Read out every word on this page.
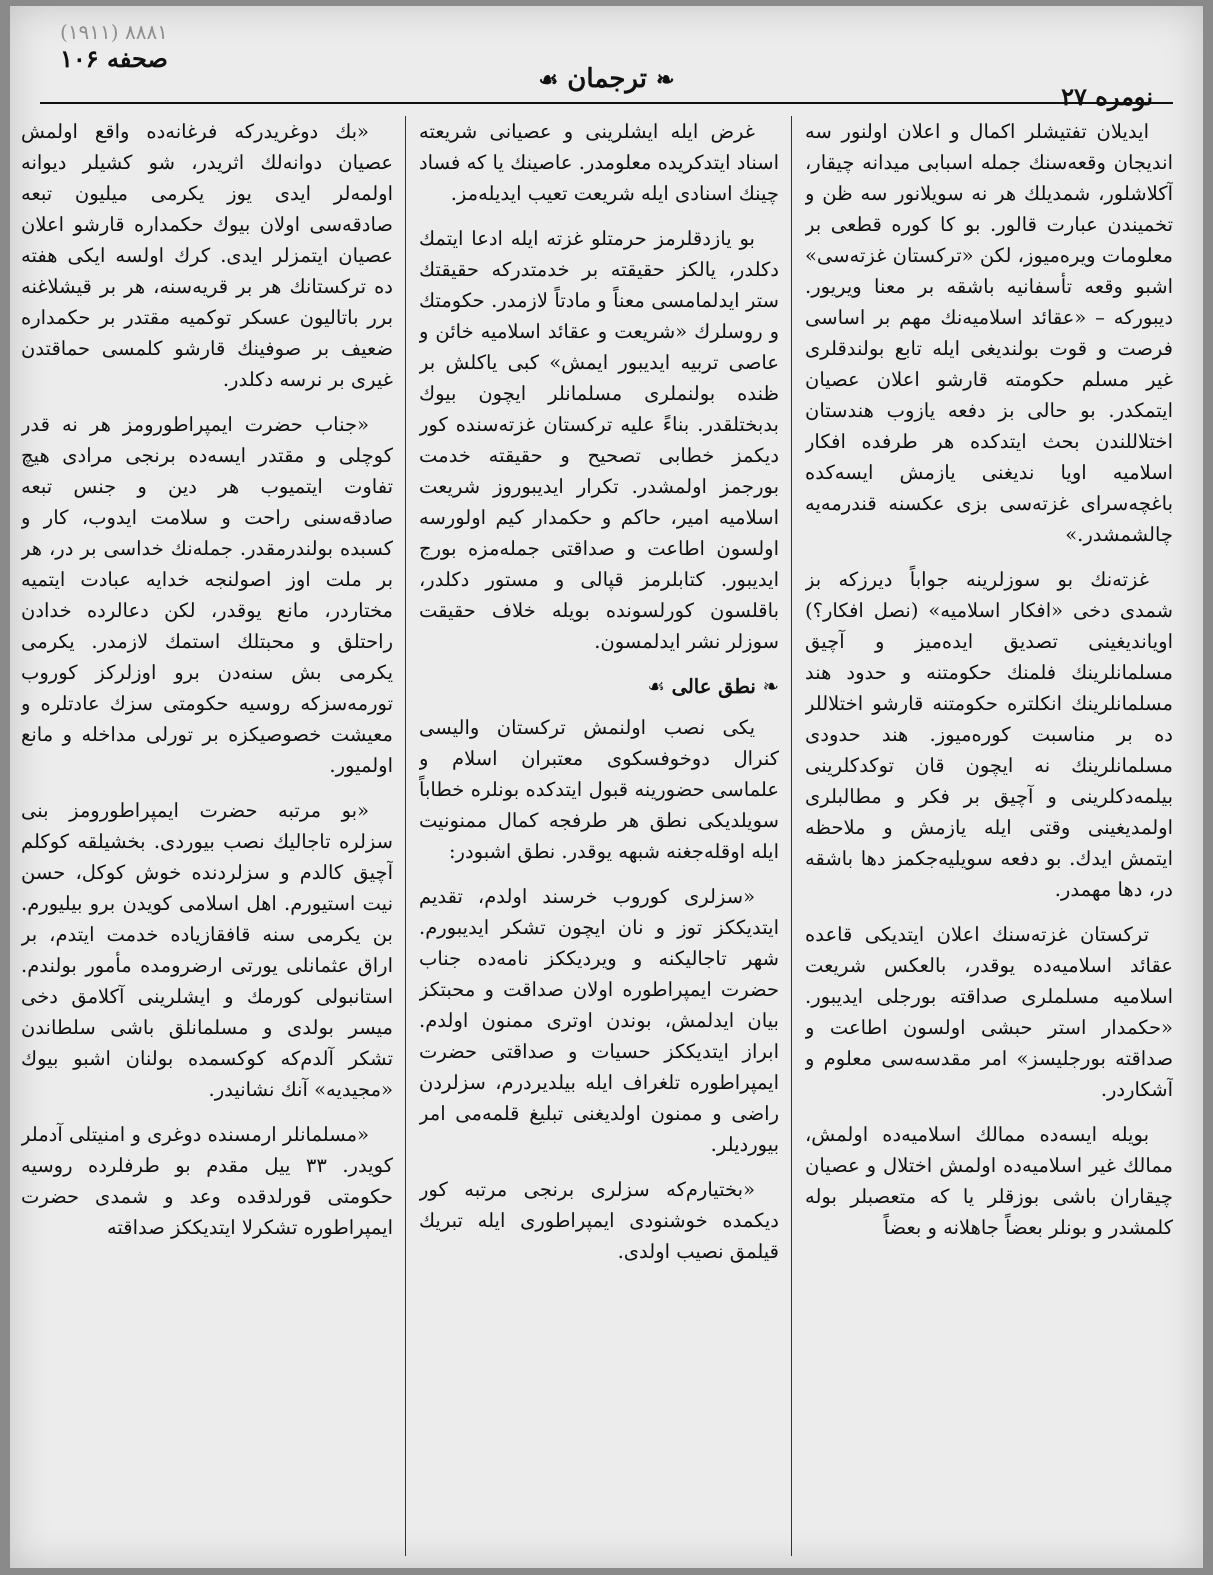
۸۸۸۱ (۱۹۱۱)
صحفه ۱۰۶
❧ ترجمان ☙
نومره ۲۷

ایدیلان تفتیشلر اکمال و اعلان اولنور سه اندیجان وقعه‌سنك جمله اسبابی میدانه چیقار، آکلاشلور، شمدیلك هر نه سویلانور سه ظن و تخمیندن عبارت قالور. بو کا کوره قطعی بر معلومات ویره‌میوز، لکن «ترکستان غزته‌سی» اشبو وقعه تأسفانیه باشقه بر معنا ویریور. دیبورکه – «عقائد اسلامیه‌نك مهم بر اساسی فرصت و قوت بولندیغی ایله تابع بولندقلری غیر مسلم حکومته قارشو اعلان عصیان ایتمکدر. بو حالی بز دفعه یازوب هندستان اختلاللندن بحث ایتدکده هر طرفده افکار اسلامیه اویا ندیغنی یازمش ایسه‌کده باغچه‌سرای غزته‌سی بزی عکسنه قندرمه‌یه چالشمشدر.»

غزته‌نك بو سوزلرینه جواباً دیرزکه بز شمدی دخی «افکار اسلامیه» (نصل افکار؟) اویاندیغینی تصدیق ایده‌میز و آچیق مسلمانلرینك فلمنك حکومتنه و حدود هند مسلمانلرینك انکلتره حکومتنه قارشو اختلاللر ده بر مناسبت کوره‌میوز. هند حدودی مسلمانلرینك نه ایچون قان توکدکلرینی بیلمه‌دکلرینی و آچیق بر فکر و مطالبلری اولمدیغینی وقتی ایله یازمش و ملاحظه ایتمش ایدك. بو دفعه سویلیه‌جکمز دها باشقه در، دها مهمدر.

ترکستان غزته‌سنك اعلان ایتدیکی قاعده عقائد اسلامیه‌ده یوقدر، بالعکس شریعت اسلامیه مسلملری صداقته بورجلی ایدیبور. «حکمدار استر حبشی اولسون اطاعت و صداقته بورجلیسز» امر مقدسه‌سی معلوم و آشکاردر.

بویله ایسه‌ده ممالك اسلامیه‌ده اولمش، ممالك غیر اسلامیه‌ده اولمش اختلال و عصیان چیقاران باشی بوزقلر یا که متعصبلر بوله کلمشدر و بونلر بعضاً جاهلانه و بعضاً

غرض ایله ایشلرینی و عصیانی شریعته اسناد ایتدکریده معلومدر. عاصینك یا که فساد چینك اسنادی ایله شریعت تعیب ایدیله‌مز.

بو یازدقلرمز حرمتلو غزته ایله ادعا ایتمك دکلدر، یالکز حقیقته بر خدمتدرکه حقیقتك ستر ایدلمامسی معناً و مادتاً لازمدر. حکومتك و روسلرك «شریعت و عقائد اسلامیه خائن و عاصی تربیه ایدیبور ایمش» کبی یاکلش بر ظنده بولنملری مسلمانلر ایچون بیوك بدبختلقدر. بناءً علیه ترکستان غزته‌سنده کور دیکمز خطابی تصحیح و حقیقته خدمت بورجمز اولمشدر. تکرار ایدیبوروز شریعت اسلامیه امیر، حاکم و حکمدار کیم اولورسه اولسون اطاعت و صداقتی جمله‌مزه بورج ایدیبور. کتابلرمز قپالی و مستور دکلدر، باقلسون کورلسونده بویله خلاف حقیقت سوزلر نشر ایدلمسون.

❧ نطق عالی ☙

یکی نصب اولنمش ترکستان والیسی کنرال دوخوفسکوی معتبران اسلام و علماسی حضورینه قبول ایتدکده بونلره خطاباً سویلدیکی نطق هر طرفجه کمال ممنونیت ایله اوقله‌جغنه شبهه یوقدر. نطق اشبودر:

«سزلری کوروب خرسند اولدم، تقدیم ایتدیککز توز و نان ایچون تشکر ایدیبورم. شهر تاجالیکنه و ویردیککز نامه‌ده جناب حضرت ایمپراطوره اولان صداقت و محبتکز بیان ایدلمش، بوندن اوتری ممنون اولدم. ابراز ایتدیککز حسیات و صداقتی حضرت ایمپراطوره تلغراف ایله بیلدیردرم، سزلردن راضی و ممنون اولدیغنی تبلیغ قلمه‌می امر بیوردیلر.

«بختیارم‌که سزلری برنجی مرتبه کور دیکمده خوشنودی ایمپراطوری ایله تبریك قیلمق نصیب اولدی.

«بك دوغریدرکه فرغانه‌ده واقع اولمش عصیان دوانه‌لك اثریدر، شو کشیلر دیوانه اولمه‌لر ایدی یوز یکرمی میلیون تبعه صادقه‌سی اولان بیوك حکمداره قارشو اعلان عصیان ایتمزلر ایدی. کرك اولسه ایکی هفته ده ترکستانك هر بر قریه‌سنه، هر بر قیشلاغنه برر باتالیون عسکر توکمیه مقتدر بر حکمداره ضعیف بر صوفینك قارشو کلمسی حماقتدن غیری بر نرسه دکلدر.

«جناب حضرت ایمپراطورومز هر نه قدر کوچلی و مقتدر ایسه‌ده برنجی مرادی هیچ تفاوت ایتمیوب هر دین و جنس تبعه صادقه‌سنی راحت و سلامت ایدوب، کار و کسبده بولندرمقدر. جمله‌نك خداسی بر در، هر بر ملت اوز اصولنجه خدایه عبادت ایتمیه مختاردر، مانع یوقدر، لکن دعالرده خدادن راحتلق و محبتلك استمك لازمدر. یکرمی یکرمی بش سنه‌دن برو اوزلرکز کوروب تورمه‌سزکه روسیه حکومتی سزك عادتلره و معیشت خصوصیکزه بر تورلی مداخله و مانع اولمیور.

«بو مرتبه حضرت ایمپراطورومز بنی سزلره تاجالیك نصب بیوردی. بخشیلقه کوکلم آچیق کالدم و سزلردنده خوش کوکل، حسن نیت استیورم. اهل اسلامی کویدن برو بیلیورم. بن یکرمی سنه قافقازیاده خدمت ایتدم، بر اراق عثمانلی یورتی ارضرومده مأمور بولندم. استانبولی کورمك و ایشلرینی آکلامق دخی میسر بولدی و مسلمانلق باشی سلطاندن تشکر آلدم‌که کوکسمده بولنان اشبو بیوك «مجیدیه» آنك نشانیدر.

«مسلمانلر ارمسنده دوغری و امنیتلی آدملر کویدر. ۳۳ ییل مقدم بو طرفلرده روسیه حکومتی قورلدقده وعد و شمدی حضرت ایمپراطوره تشکرلا ایتدیککز صداقته
